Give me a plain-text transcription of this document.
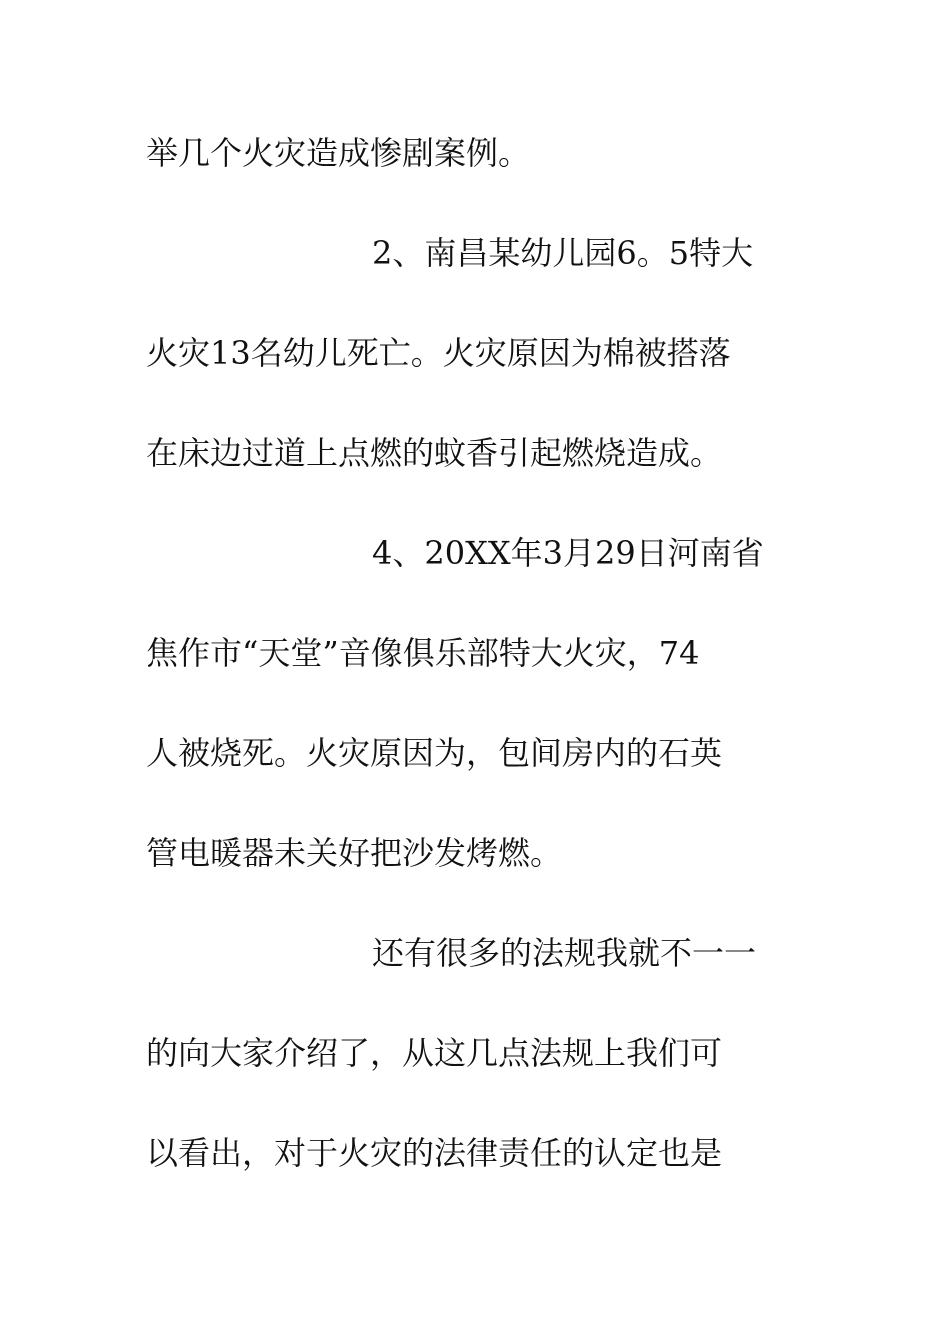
举几个火灾造成惨剧案例。
2、南昌某幼儿园6。5特大
火灾13名幼儿死亡。火灾原因为棉被搭落
在床边过道上点燃的蚊香引起燃烧造成。
4、20XX年3月29日河南省
焦作市“天堂”音像俱乐部特大火灾，74
人被烧死。火灾原因为，包间房内的石英
管电暖器未关好把沙发烤燃。
还有很多的法规我就不一一
的向大家介绍了，从这几点法规上我们可
以看出，对于火灾的法律责任的认定也是
